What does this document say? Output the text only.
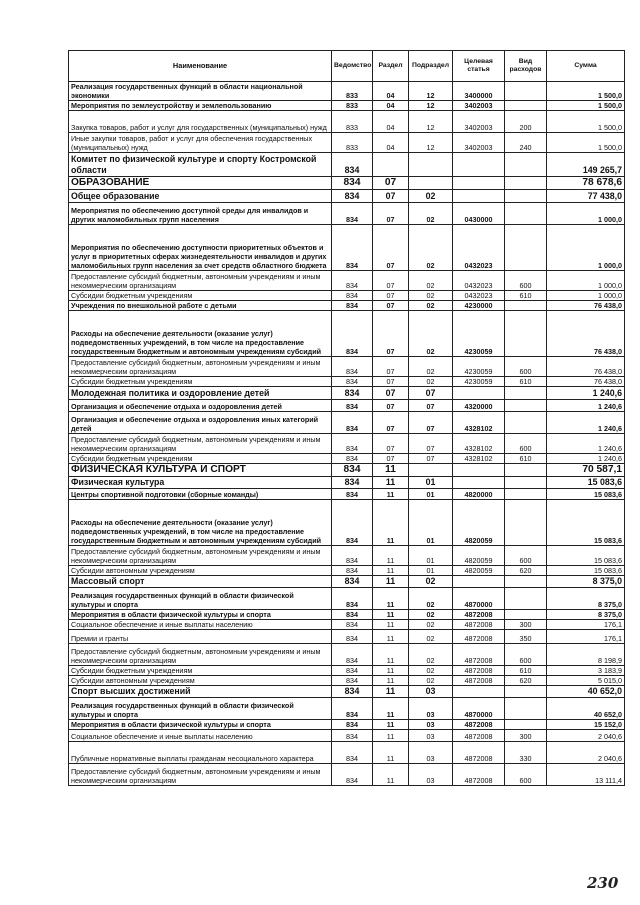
Наименование	Ведомство	Раздел	Подраздел	Целевая статья	Вид расходов	Сумма
Реализация государственных функций в области национальной экономики	833	04	12	3400000		1 500,0
Мероприятия по землеустройству и землепользованию	833	04	12	3402003		1 500,0
Закупка товаров, работ и услуг для государственных (муниципальных) нужд	833	04	12	3402003	200	1 500,0
Иные закупки товаров, работ и услуг для обеспечения государственных (муниципальных) нужд	833	04	12	3402003	240	1 500,0
Комитет по физической культуре и спорту Костромской области	834					149 265,7
ОБРАЗОВАНИЕ	834	07				78 678,6
Общее образование	834	07	02			77 438,0
Мероприятия по обеспечению доступной среды для инвалидов и других маломобильных групп населения	834	07	02	0430000		1 000,0
Мероприятия по обеспечению доступности приоритетных объектов и услуг в приоритетных сферах жизнедеятельности инвалидов и других маломобильных групп населения за счет средств областного бюджета	834	07	02	0432023		1 000,0
Предоставление субсидий бюджетным, автономным учреждениям и иным некоммерческим организациям	834	07	02	0432023	600	1 000,0
Субсидии бюджетным учреждениям	834	07	02	0432023	610	1 000,0
Учреждения по внешкольной работе с детьми	834	07	02	4230000		76 438,0
Расходы на обеспечение деятельности (оказание услуг) подведомственных учреждений, в том числе на предоставление государственным бюджетным и автономным учреждениям субсидий	834	07	02	4230059		76 438,0
Предоставление субсидий бюджетным, автономным учреждениям и иным некоммерческим организациям	834	07	02	4230059	600	76 438,0
Субсидии бюджетным учреждениям	834	07	02	4230059	610	76 438,0
Молодежная политика и оздоровление детей	834	07	07			1 240,6
Организация и обеспечение отдыха и оздоровления детей	834	07	07	4320000		1 240,6
Организация и обеспечение отдыха и оздоровления иных категорий детей	834	07	07	4328102		1 240,6
Предоставление субсидий бюджетным, автономным учреждениям и иным некоммерческим организациям	834	07	07	4328102	600	1 240,6
Субсидии бюджетным учреждениям	834	07	07	4328102	610	1 240,6
ФИЗИЧЕСКАЯ КУЛЬТУРА И СПОРТ	834	11				70 587,1
Физическая культура	834	11	01			15 083,6
Центры спортивной подготовки (сборные команды)	834	11	01	4820000		15 083,6
Расходы на обеспечение деятельности (оказание услуг) подведомственных учреждений, в том числе на предоставление государственным бюджетным и автономным учреждениям субсидий	834	11	01	4820059		15 083,6
Предоставление субсидий бюджетным, автономным учреждениям и иным некоммерческим организациям	834	11	01	4820059	600	15 083,6
Субсидии автономным учреждениям	834	11	01	4820059	620	15 083,6
Массовый спорт	834	11	02			8 375,0
Реализация государственных функций в области физической культуры и спорта	834	11	02	4870000		8 375,0
Мероприятия в области физической культуры и спорта	834	11	02	4872008		8 375,0
Социальное обеспечение и иные выплаты населению	834	11	02	4872008	300	176,1
Премии и гранты	834	11	02	4872008	350	176,1
Предоставление субсидий бюджетным, автономным учреждениям и иным некоммерческим организациям	834	11	02	4872008	600	8 198,9
Субсидии бюджетным учреждениям	834	11	02	4872008	610	3 183,9
Субсидии автономным учреждениям	834	11	02	4872008	620	5 015,0
Спорт высших достижений	834	11	03			40 652,0
Реализация государственных функций в области физической культуры и спорта	834	11	03	4870000		40 652,0
Мероприятия в области физической культуры и спорта	834	11	03	4872008		15 152,0
Социальное обеспечение и иные выплаты населению	834	11	03	4872008	300	2 040,6
Публичные нормативные выплаты гражданам несоциального характера	834	11	03	4872008	330	2 040,6
Предоставление субсидий бюджетным, автономным учреждениям и иным некоммерческим организациям	834	11	03	4872008	600	13 111,4
230
